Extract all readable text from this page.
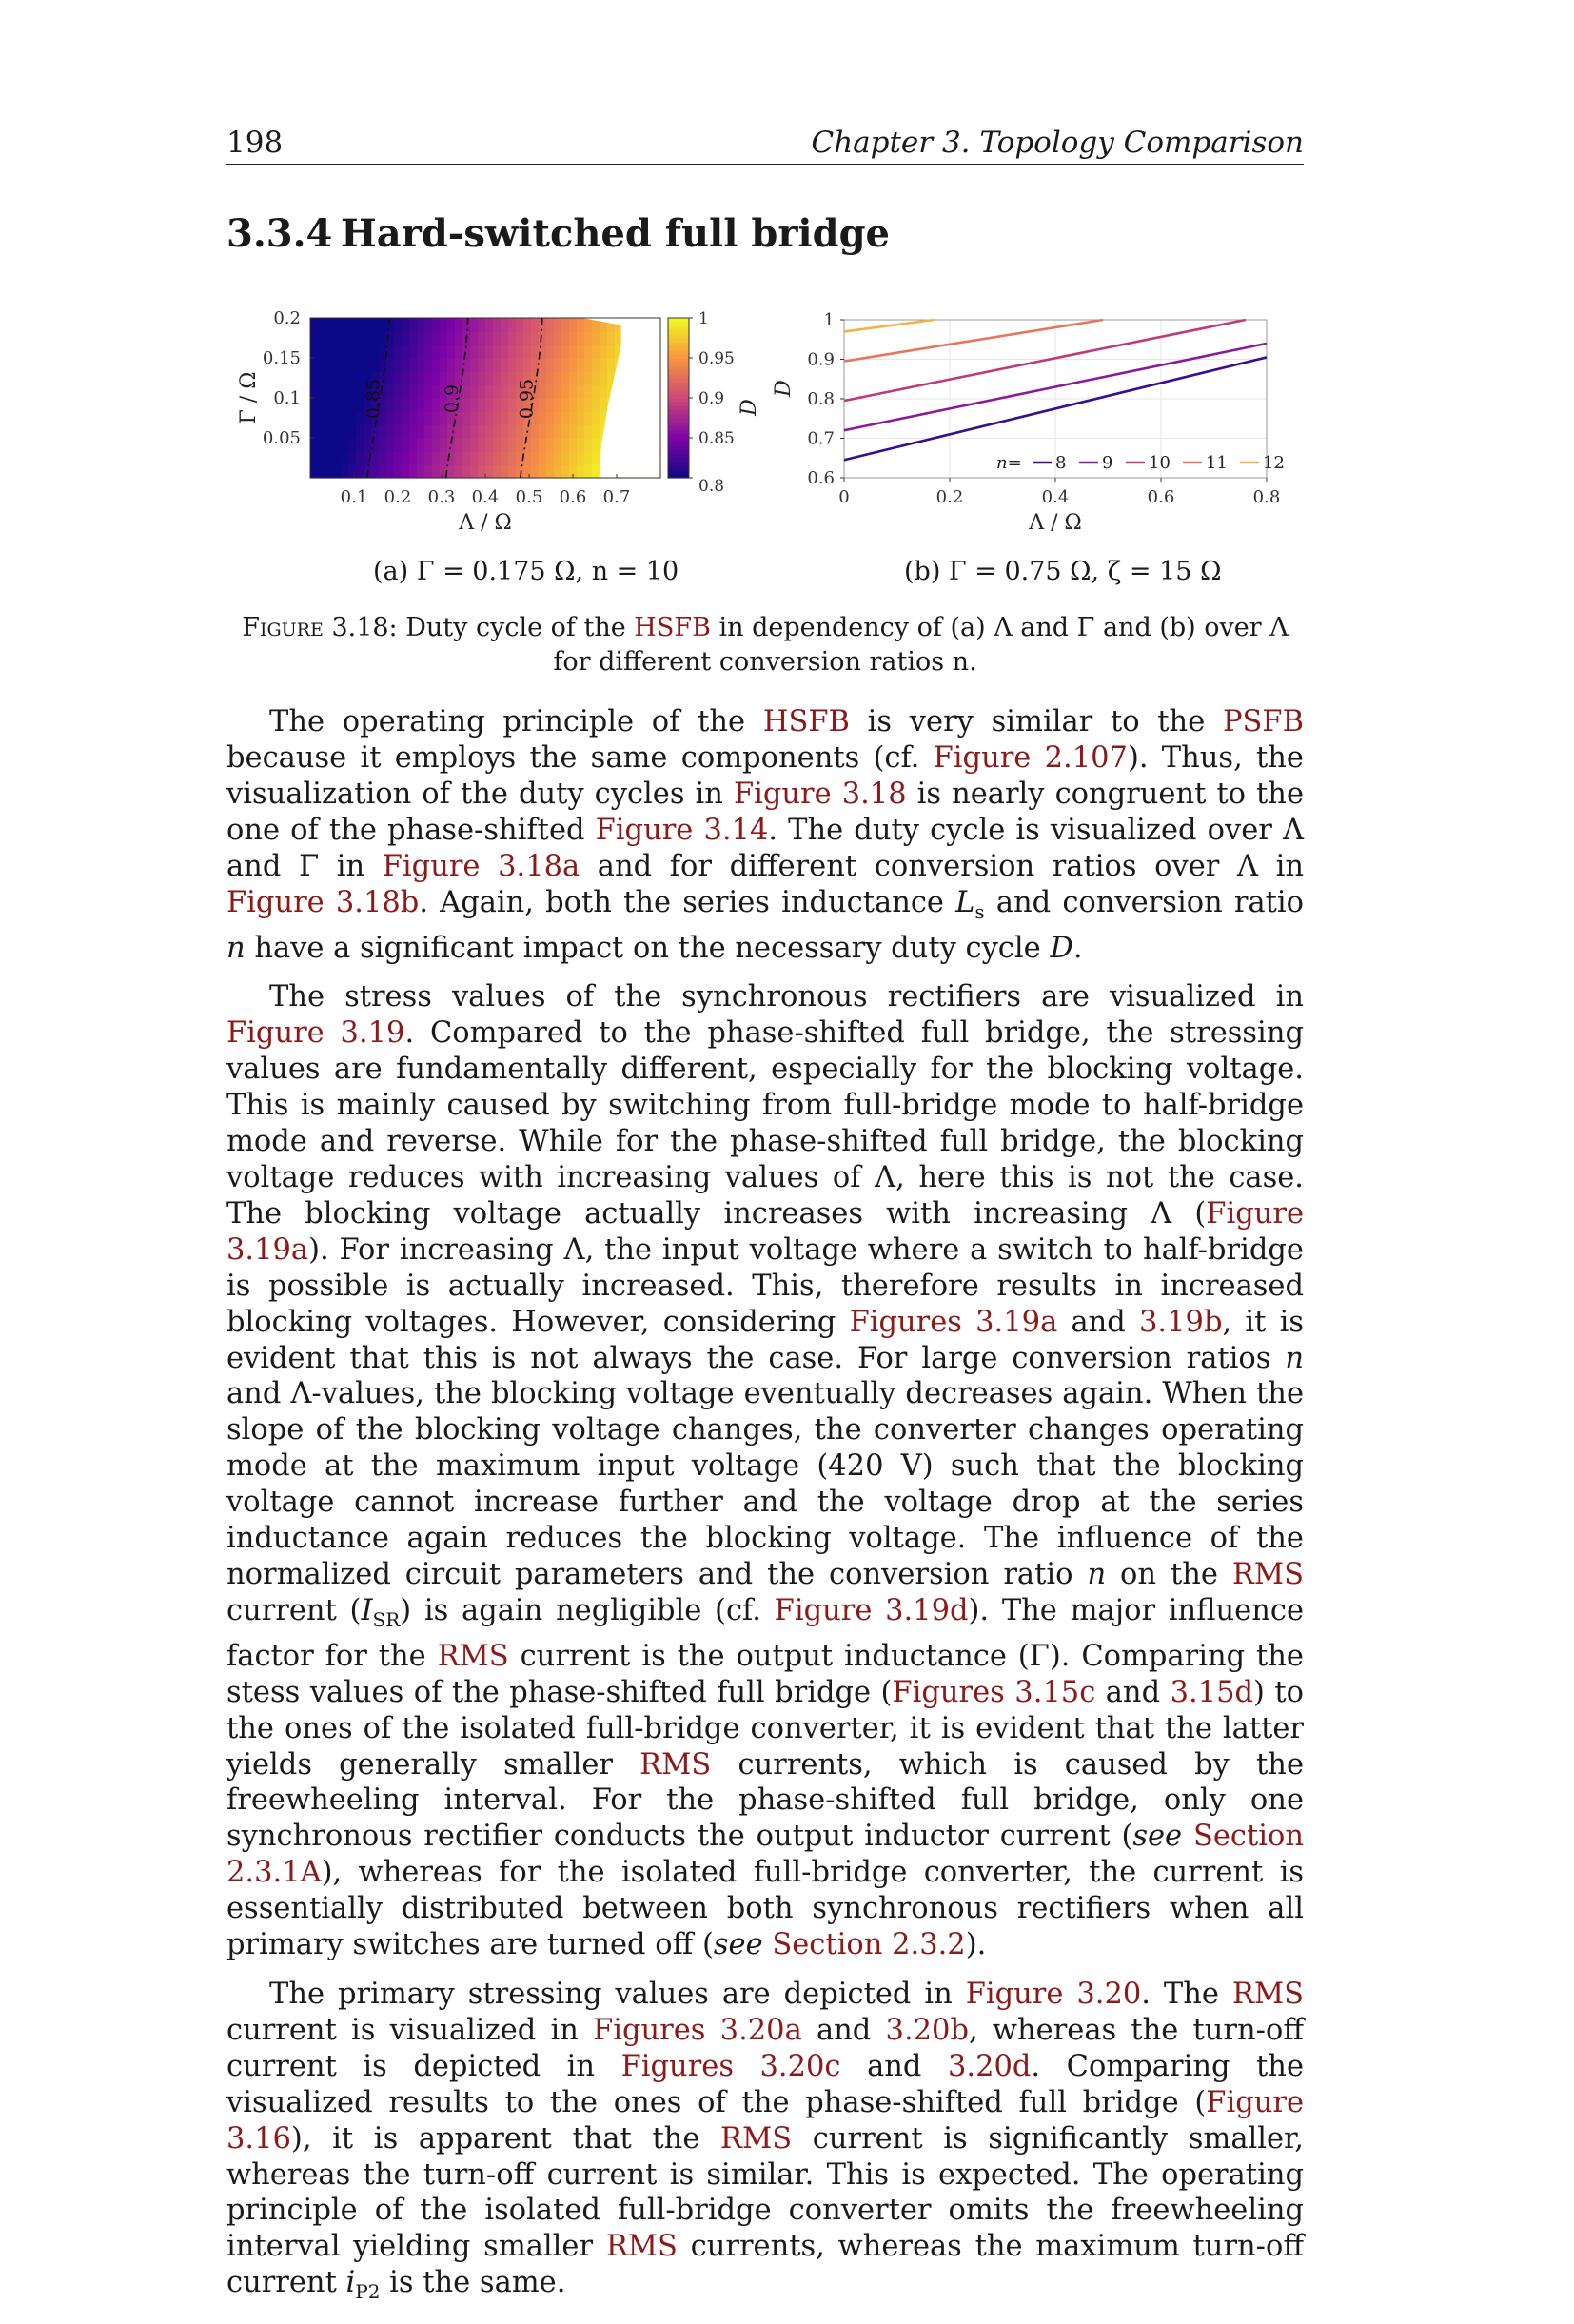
198	Chapter 3. Topology Comparison
3.3.4 Hard-switched full bridge
0.85	0.9	0.95
0.1 0.2 0.3 0.4 0.5 0.6 0.7
0.05
0.1
0.15
0.2
Λ / Ω
Γ / Ω
0.8
0.85
0.9
0.95
1
D
0	0.2	0.4	0.6	0.8
0.6
0.7
0.8
0.9
1
Λ / Ω
D
n= 8 9 10 11 12
(a) Γ = 0.175 Ω, n = 10	(b) Γ = 0.75 Ω, ζ = 15 Ω
Figure 3.18: Duty cycle of the HSFB in dependency of (a) Λ and Γ and (b) over Λ for different conversion ratios n.

The operating principle of the HSFB is very similar to the PSFB because it employs the same components (cf. Figure 2.107). Thus, the visualization of the duty cycles in Figure 3.18 is nearly congruent to the one of the phase-shifted Figure 3.14. The duty cycle is visualized over Λ and Γ in Figure 3.18a and for different conversion ratios over Λ in Figure 3.18b. Again, both the series inductance $L_s$ and conversion ratio n have a significant impact on the necessary duty cycle D.

The stress values of the synchronous rectifiers are visualized in Figure 3.19. Compared to the phase-shifted full bridge, the stressing values are fundamentally different, especially for the blocking voltage. This is mainly caused by switching from full-bridge mode to half-bridge mode and reverse. While for the phase-shifted full bridge, the blocking voltage reduces with increasing values of Λ, here this is not the case. The blocking voltage actually increases with increasing Λ (Figure 3.19a). For increasing Λ, the input voltage where a switch to half-bridge is possible is actually increased. This, therefore results in increased blocking voltages. However, considering Figures 3.19a and 3.19b, it is evident that this is not always the case. For large conversion ratios n and Λ-values, the blocking voltage eventually decreases again. When the slope of the blocking voltage changes, the converter changes operating mode at the maximum input voltage (420 V) such that the blocking voltage cannot increase further and the voltage drop at the series inductance again reduces the blocking voltage. The influence of the normalized circuit parameters and the conversion ratio n on the RMS current $(I_{SR})$ is again negligible (cf. Figure 3.19d). The major influence factor for the RMS current is the output inductance (Γ). Comparing the stess values of the phase-shifted full bridge (Figures 3.15c and 3.15d) to the ones of the isolated full-bridge converter, it is evident that the latter yields generally smaller RMS currents, which is caused by the freewheeling interval. For the phase-shifted full bridge, only one synchronous rectifier conducts the output inductor current (see Section 2.3.1A), whereas for the isolated full-bridge converter, the current is essentially distributed between both synchronous rectifiers when all primary switches are turned off (see Section 2.3.2).

The primary stressing values are depicted in Figure 3.20. The RMS current is visualized in Figures 3.20a and 3.20b, whereas the turn-off current is depicted in Figures 3.20c and 3.20d. Comparing the visualized results to the ones of the phase-shifted full bridge (Figure 3.16), it is apparent that the RMS current is significantly smaller, whereas the turn-off current is similar. This is expected. The operating principle of the isolated full-bridge converter omits the freewheeling interval yielding smaller RMS currents, whereas the maximum turn-off current $i_{P2}$ is the same.
